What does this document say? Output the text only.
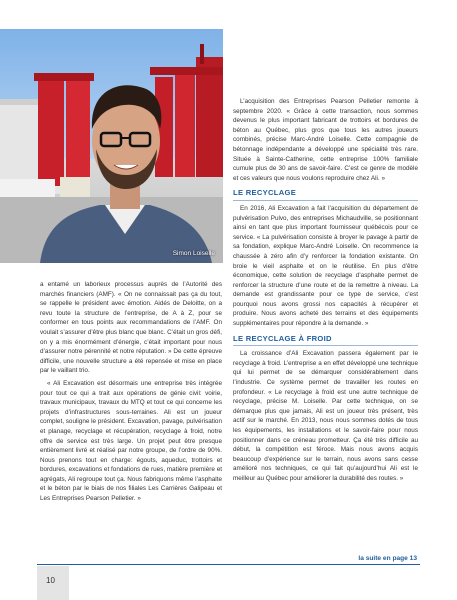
Simon Loiselle

a entamé un laborieux processus auprès de l’Autorité des marchés financiers (AMF). « On ne connaissait pas ça du tout, se rappelle le président avec émotion. Aidés de Deloitte, on a revu toute la structure de l’entreprise, de A à Z, pour se conformer en tous points aux recommandations de l’AMF. On voulait s’assurer d’être plus blanc que blanc. C’était un gros défi, on y a mis énormément d’énergie, c’était important pour nous d’assurer notre pérennité et notre réputation. » De cette épreuve difficile, une nouvelle structure a été repensée et mise en place par le vaillant trio.

« Ali Excavation est désormais une entreprise très intégrée pour tout ce qui a trait aux opérations de génie civil: voirie, travaux municipaux, travaux du MTQ et tout ce qui concerne les projets d’infrastructures sous-terraines. Ali est un joueur complet, souligne le président. Excavation, pavage, pulvérisation et planage, recyclage et récupération, recyclage à froid, notre offre de service est très large. Un projet peut être presque entièrement livré et réalisé par notre groupe, de l’ordre de 90%. Nous prenons tout en charge: égouts, aqueduc, trottoirs et bordures, excavations et fondations de rues, matière première et agrégats, Ali regroupe tout ça. Nous fabriquons même l’asphalte et le béton par le biais de nos filiales Les Carrières Galipeau et Les Entreprises Pearson Pelletier. »

L’acquisition des Entreprises Pearson Pelletier remonte à septembre 2020. « Grâce à cette transaction, nous sommes devenus le plus important fabricant de trottoirs et bordures de béton au Québec, plus gros que tous les autres joueurs combinés, précise Marc-André Loiselle. Cette compagnie de bétonnage indépendante a développé une spécialité très rare. Située à Sainte-Catherine, cette entreprise 100% familiale cumule plus de 30 ans de savoir-faire. C’est ce genre de modèle et ces valeurs que nous voulons reproduire chez Ali. »

LE RECYCLAGE

En 2016, Ali Excavation a fait l’acquisition du département de pulvérisation Pulvo, des entreprises Michaudville, se positionnant ainsi en tant que plus important fournisseur québécois pour ce service. « La pulvérisation consiste à broyer le pavage à partir de sa fondation, explique Marc-André Loiselle. On recommence la chaussée à zéro afin d’y renforcer la fondation existante. On broie le vieil asphalte et on le réutilise. En plus d’être économique, cette solution de recyclage d’asphalte permet de renforcer la structure d’une route et de la remettre à niveau. La demande est grandissante pour ce type de service, c’est pourquoi nous avons grossi nos capacités à récupérer et produire. Nous avons acheté des terrains et des équipements supplémentaires pour répondre à la demande. »

LE RECYCLAGE À FROID

La croissance d’Ali Excavation passera également par le recyclage à froid. L’entreprise a en effet développé une technique qui lui permet de se démarquer considérablement dans l’industrie. Ce système permet de travailler les routes en profondeur. « Le recyclage à froid est une autre technique de recyclage, précise M. Loiselle. Par cette technique, on se démarque plus que jamais, Ali est un joueur très présent, très actif sur le marché. En 2013, nous nous sommes dotés de tous les équipements, les installations et le savoir-faire pour nous positionner dans ce créneau prometteur. Ça été très difficile au début, la compétition est féroce. Mais nous avons acquis beaucoup d’expérience sur le terrain, nous avons sans cesse amélioré nos techniques, ce qui fait qu’aujourd’hui Ali est le meilleur au Québec pour améliorer la durabilité des routes. »

la suite en page 13
10
